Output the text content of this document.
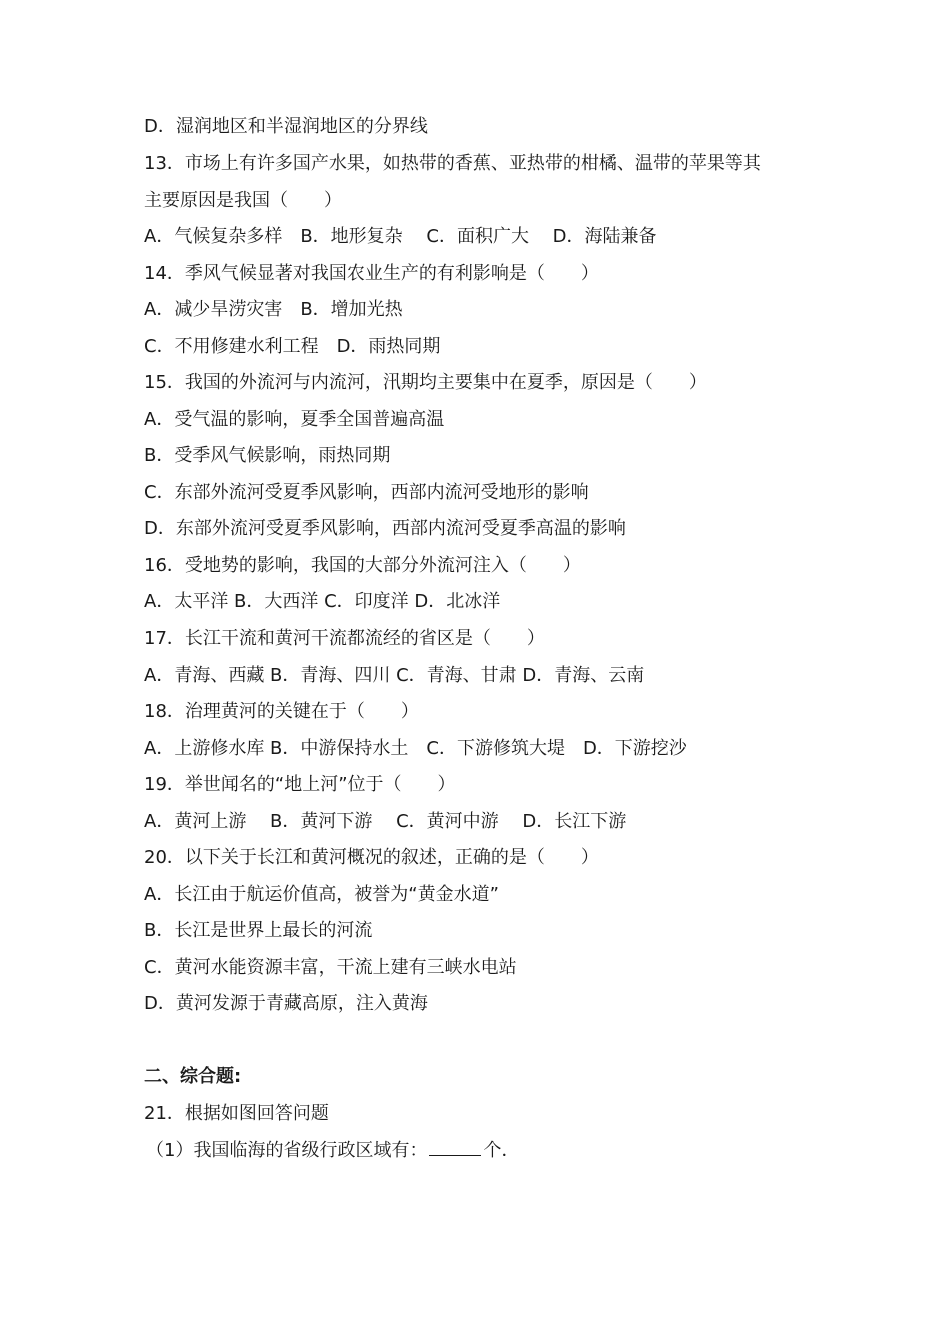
D．湿润地区和半湿润地区的分界线
13．市场上有许多国产水果，如热带的香蕉、亚热带的柑橘、温带的苹果等其
主要原因是我国（　　）
A．气候复杂多样　B．地形复杂　 C．面积广大　 D．海陆兼备
14．季风气候显著对我国农业生产的有利影响是（　　）
A．减少旱涝灾害　B．增加光热
C．不用修建水利工程　D．雨热同期
15．我国的外流河与内流河，汛期均主要集中在夏季，原因是（　　）
A．受气温的影响，夏季全国普遍高温
B．受季风气候影响，雨热同期
C．东部外流河受夏季风影响，西部内流河受地形的影响
D．东部外流河受夏季风影响，西部内流河受夏季高温的影响
16．受地势的影响，我国的大部分外流河注入（　　）
A．太平洋 B．大西洋 C．印度洋 D．北冰洋
17．长江干流和黄河干流都流经的省区是（　　）
A．青海、西藏 B．青海、四川 C．青海、甘肃 D．青海、云南
18．治理黄河的关键在于（　　）
A．上游修水库 B．中游保持水土　C．下游修筑大堤　D．下游挖沙
19．举世闻名的“地上河”位于（　　）
A．黄河上游　 B．黄河下游　 C．黄河中游　 D．长江下游
20．以下关于长江和黄河概况的叙述，正确的是（　　）
A．长江由于航运价值高，被誉为“黄金水道”
B．长江是世界上最长的河流
C．黄河水能资源丰富，干流上建有三峡水电站
D．黄河发源于青藏高原，注入黄海
二、综合题:
21．根据如图回答问题
（1）我国临海的省级行政区域有：	个．
